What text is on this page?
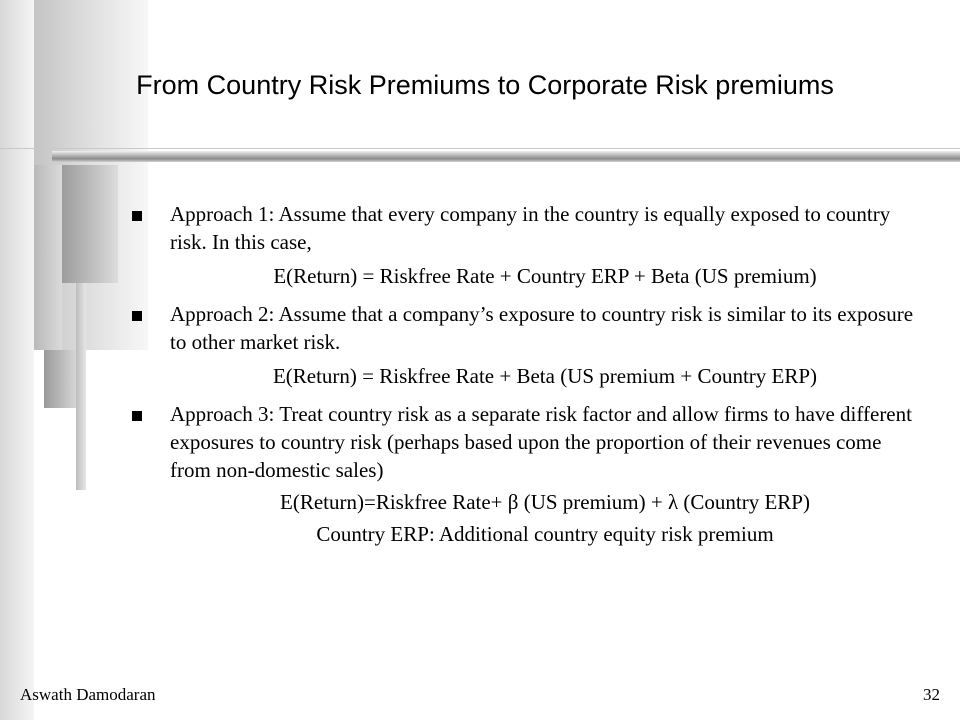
From Country Risk Premiums to Corporate Risk premiums
Approach 1: Assume that every company in the country is equally exposed to country risk. In this case,
E(Return) = Riskfree Rate + Country ERP + Beta (US premium)
Approach 2: Assume that a company’s exposure to country risk is similar to its exposure to other market risk.
E(Return) = Riskfree Rate + Beta (US premium + Country ERP)
Approach 3: Treat country risk as a separate risk factor and allow firms to have different exposures to country risk (perhaps based upon the proportion of their revenues come from non-domestic sales)
E(Return)=Riskfree Rate+ β (US premium) + λ (Country ERP)
Country ERP: Additional country equity risk premium
Aswath Damodaran	32
